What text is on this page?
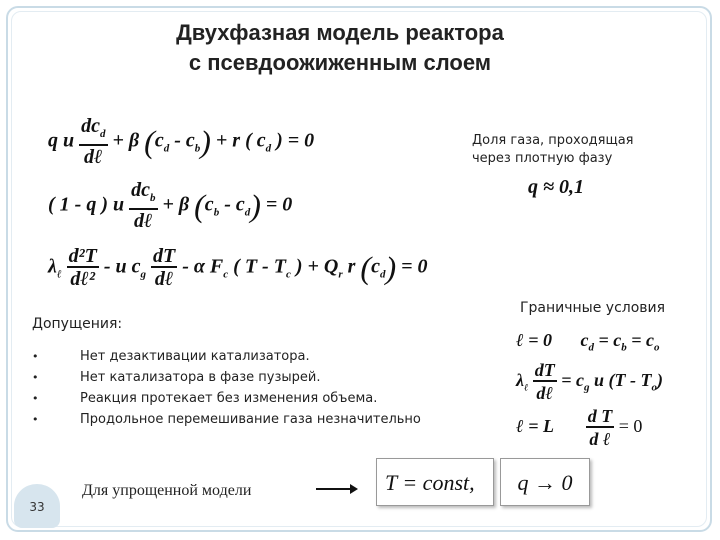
Двухфазная модель реактора
с псевдоожиженным слоем
q u $\frac{dc_d}{\text{dℓ}} + \beta$ $(c_d - c_b) + r$ ( $c_d$ ) = 0
( 1 - q ) u $\frac{dc_b}{\text{dℓ}} + \beta$ $(c_b - c_d) = 0$
$\lambda_\ell \frac{\text{d²T}}{\text{dℓ²}}$ - u $c_g \frac{dT}{\text{dℓ}}$ - α $F_c$ ( T - $T_c$ ) + $Q_r$ r $(c_d) = 0$
Доля газа, проходящая
через плотную фазу
q ≈ 0,1
Допущения:
• Нет дезактивации катализатора.
• Нет катализатора в фазе пузырей.
• Реакция протекает без изменения объема.
• Продольное перемешивание газа незначительно
Граничные условия
ℓ = 0 $c_d = c_b = c_o$
$\lambda_\ell \frac{dT}{\text{dℓ}} = c_g$ u $(T - T_o)$
ℓ = L $\frac{\text{d T}}{\text{d ℓ}} = 0$
33
Для упрощенной модели	T = const,	q → 0
